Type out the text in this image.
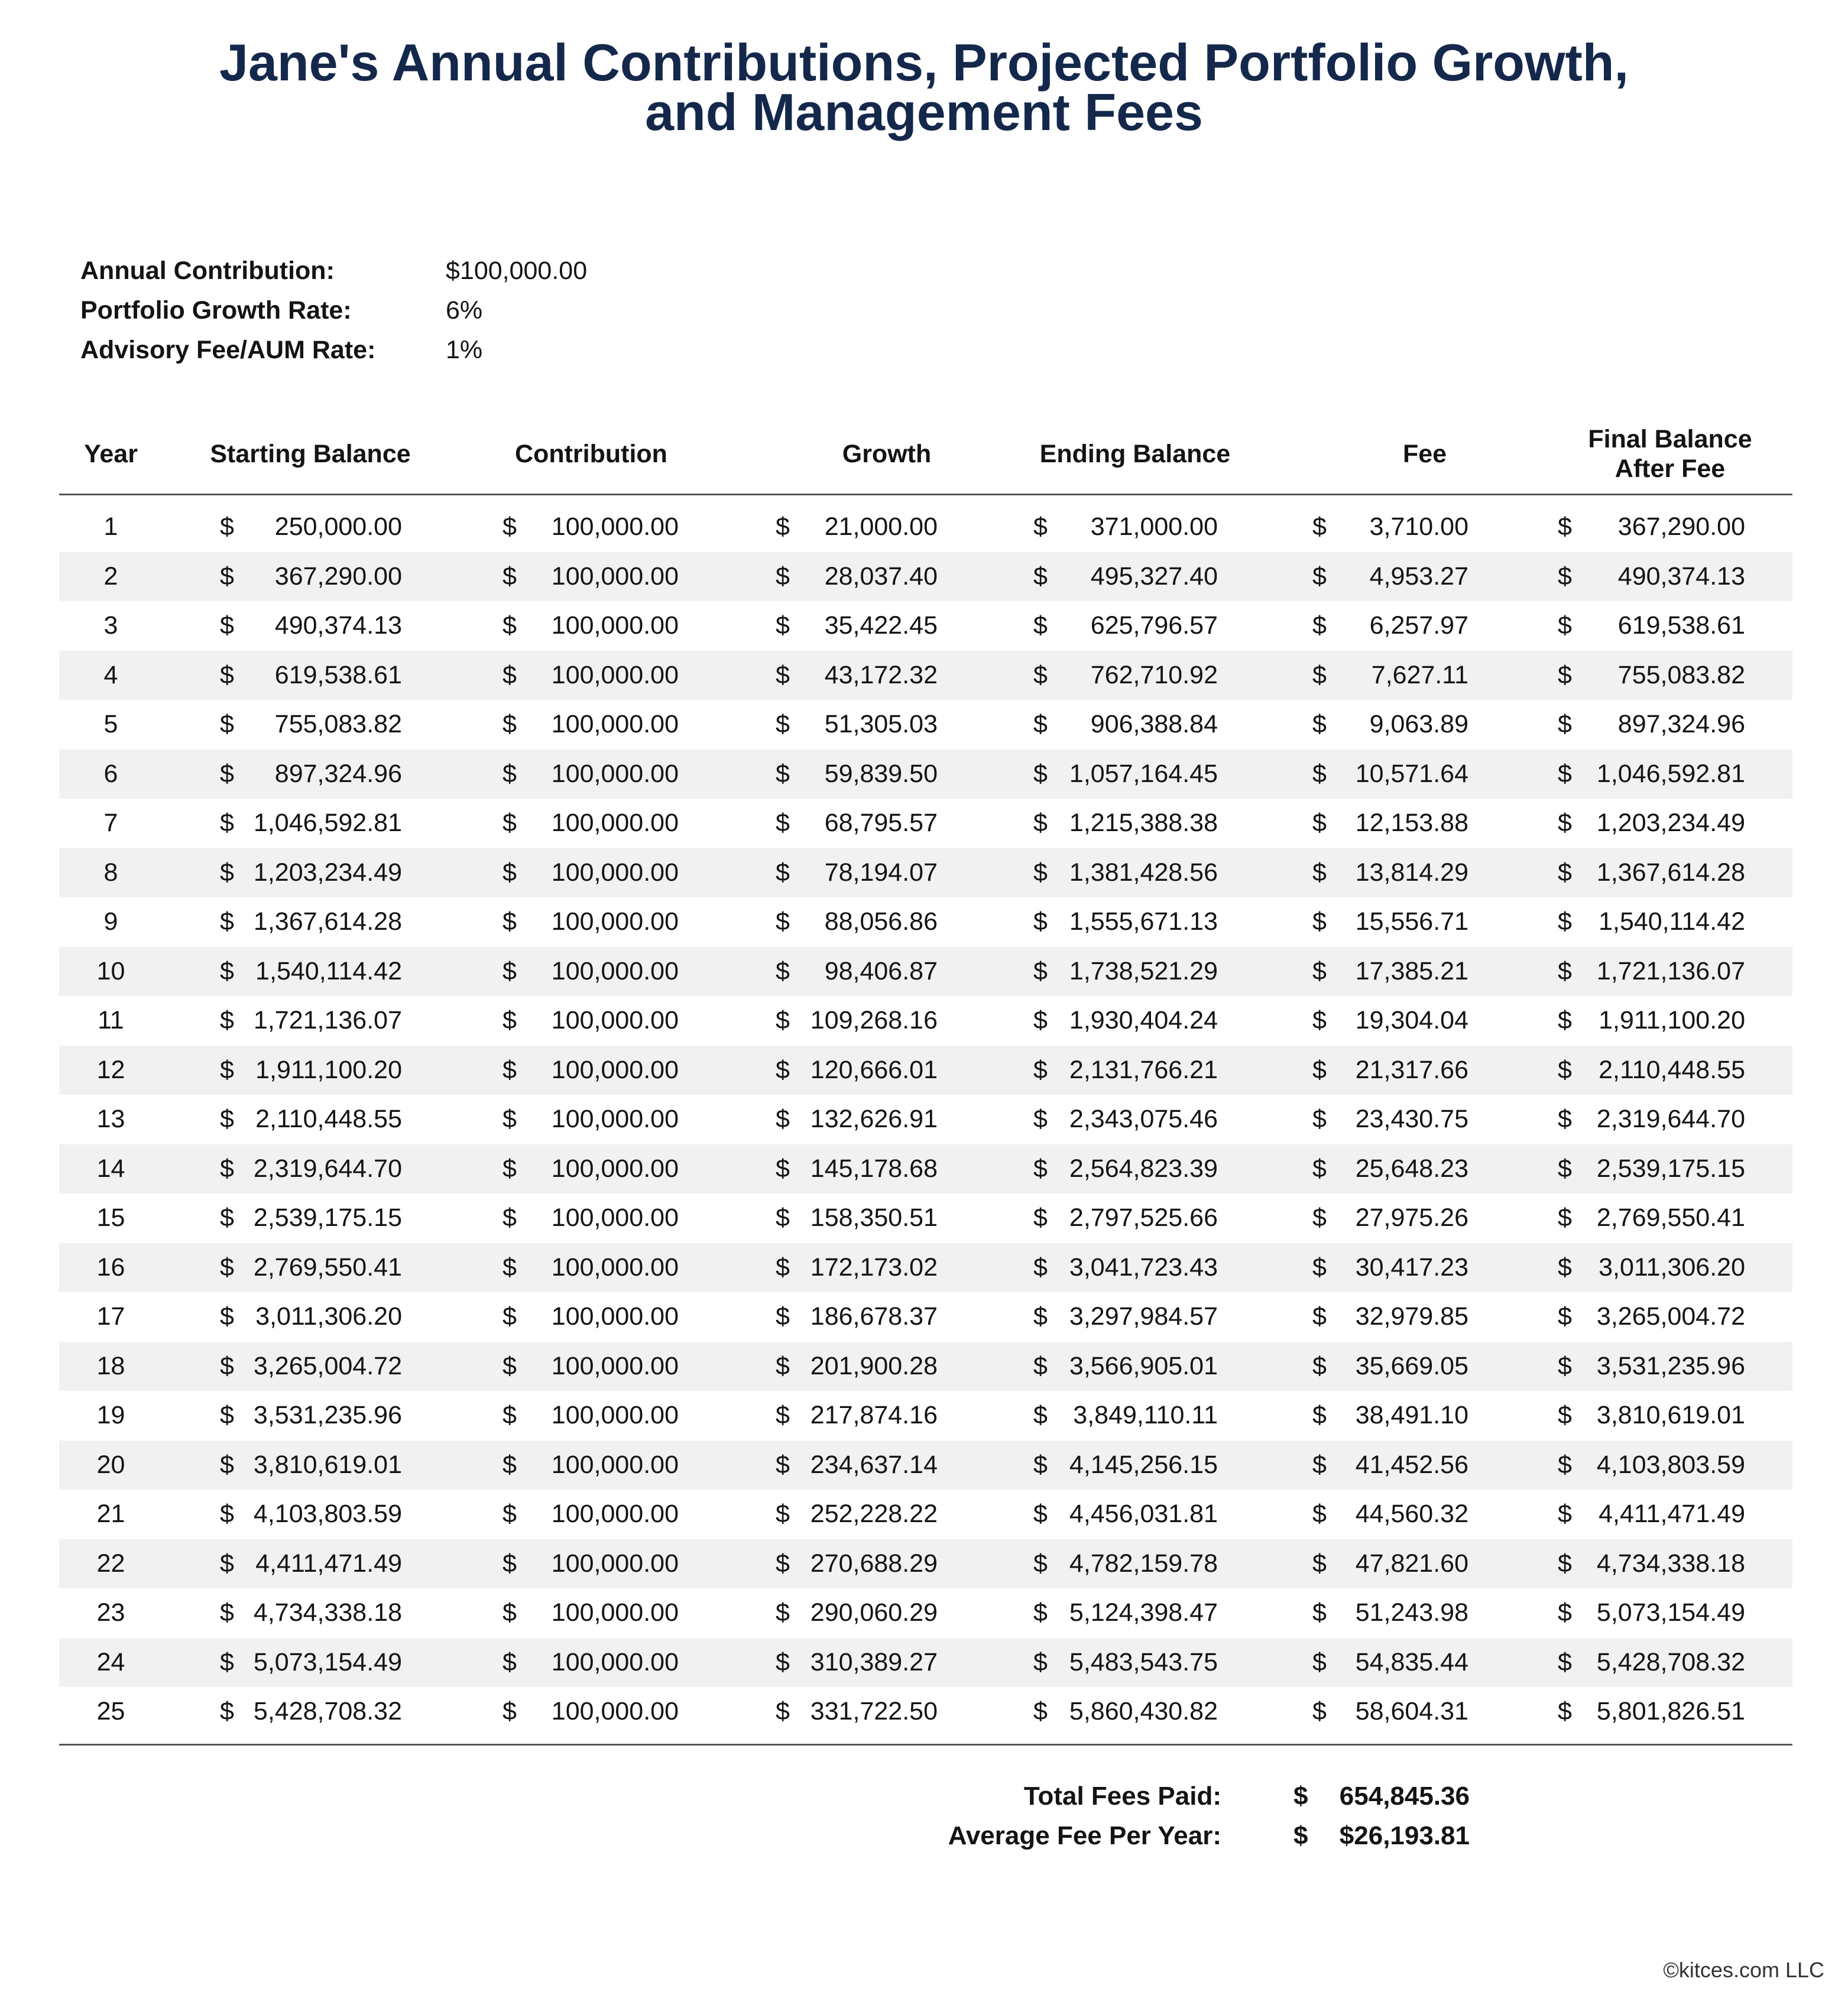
Jane's Annual Contributions, Projected Portfolio Growth,
and Management Fees
Annual Contribution:	$100,000.00
Portfolio Growth Rate:	6%
Advisory Fee/AUM Rate:	1%
Year	Starting Balance	Contribution	Growth	Ending Balance	Fee
Final Balance
After Fee
1	$ 250,000.00	$ 100,000.00	$ 21,000.00	$ 371,000.00	$ 3,710.00	$ 367,290.00
2	$ 367,290.00	$ 100,000.00	$ 28,037.40	$ 495,327.40	$ 4,953.27	$ 490,374.13
3	$ 490,374.13	$ 100,000.00	$ 35,422.45	$ 625,796.57	$ 6,257.97	$ 619,538.61
4	$ 619,538.61	$ 100,000.00	$ 43,172.32	$ 762,710.92	$ 7,627.11	$ 755,083.82
5	$ 755,083.82	$ 100,000.00	$ 51,305.03	$ 906,388.84	$ 9,063.89	$ 897,324.96
6	$ 897,324.96	$ 100,000.00	$ 59,839.50	$ 1,057,164.45	$ 10,571.64	$ 1,046,592.81
7	$ 1,046,592.81	$ 100,000.00	$ 68,795.57	$ 1,215,388.38	$ 12,153.88	$ 1,203,234.49
8	$ 1,203,234.49	$ 100,000.00	$ 78,194.07	$ 1,381,428.56	$ 13,814.29	$ 1,367,614.28
9	$ 1,367,614.28	$ 100,000.00	$ 88,056.86	$ 1,555,671.13	$ 15,556.71	$ 1,540,114.42
10	$ 1,540,114.42	$ 100,000.00	$ 98,406.87	$ 1,738,521.29	$ 17,385.21	$ 1,721,136.07
11	$ 1,721,136.07	$ 100,000.00	$ 109,268.16	$ 1,930,404.24	$ 19,304.04	$ 1,911,100.20
12	$ 1,911,100.20	$ 100,000.00	$ 120,666.01	$ 2,131,766.21	$ 21,317.66	$ 2,110,448.55
13	$ 2,110,448.55	$ 100,000.00	$ 132,626.91	$ 2,343,075.46	$ 23,430.75	$ 2,319,644.70
14	$ 2,319,644.70	$ 100,000.00	$ 145,178.68	$ 2,564,823.39	$ 25,648.23	$ 2,539,175.15
15	$ 2,539,175.15	$ 100,000.00	$ 158,350.51	$ 2,797,525.66	$ 27,975.26	$ 2,769,550.41
16	$ 2,769,550.41	$ 100,000.00	$ 172,173.02	$ 3,041,723.43	$ 30,417.23	$ 3,011,306.20
17	$ 3,011,306.20	$ 100,000.00	$ 186,678.37	$ 3,297,984.57	$ 32,979.85	$ 3,265,004.72
18	$ 3,265,004.72	$ 100,000.00	$ 201,900.28	$ 3,566,905.01	$ 35,669.05	$ 3,531,235.96
19	$ 3,531,235.96	$ 100,000.00	$ 217,874.16	$ 3,849,110.11	$ 38,491.10	$ 3,810,619.01
20	$ 3,810,619.01	$ 100,000.00	$ 234,637.14	$ 4,145,256.15	$ 41,452.56	$ 4,103,803.59
21	$ 4,103,803.59	$ 100,000.00	$ 252,228.22	$ 4,456,031.81	$ 44,560.32	$ 4,411,471.49
22	$ 4,411,471.49	$ 100,000.00	$ 270,688.29	$ 4,782,159.78	$ 47,821.60	$ 4,734,338.18
23	$ 4,734,338.18	$ 100,000.00	$ 290,060.29	$ 5,124,398.47	$ 51,243.98	$ 5,073,154.49
24	$ 5,073,154.49	$ 100,000.00	$ 310,389.27	$ 5,483,543.75	$ 54,835.44	$ 5,428,708.32
25	$ 5,428,708.32	$ 100,000.00	$ 331,722.50	$ 5,860,430.82	$ 58,604.31	$ 5,801,826.51
Total Fees Paid:	$ 654,845.36
Average Fee Per Year:	$ $26,193.81
©kitces.com LLC
